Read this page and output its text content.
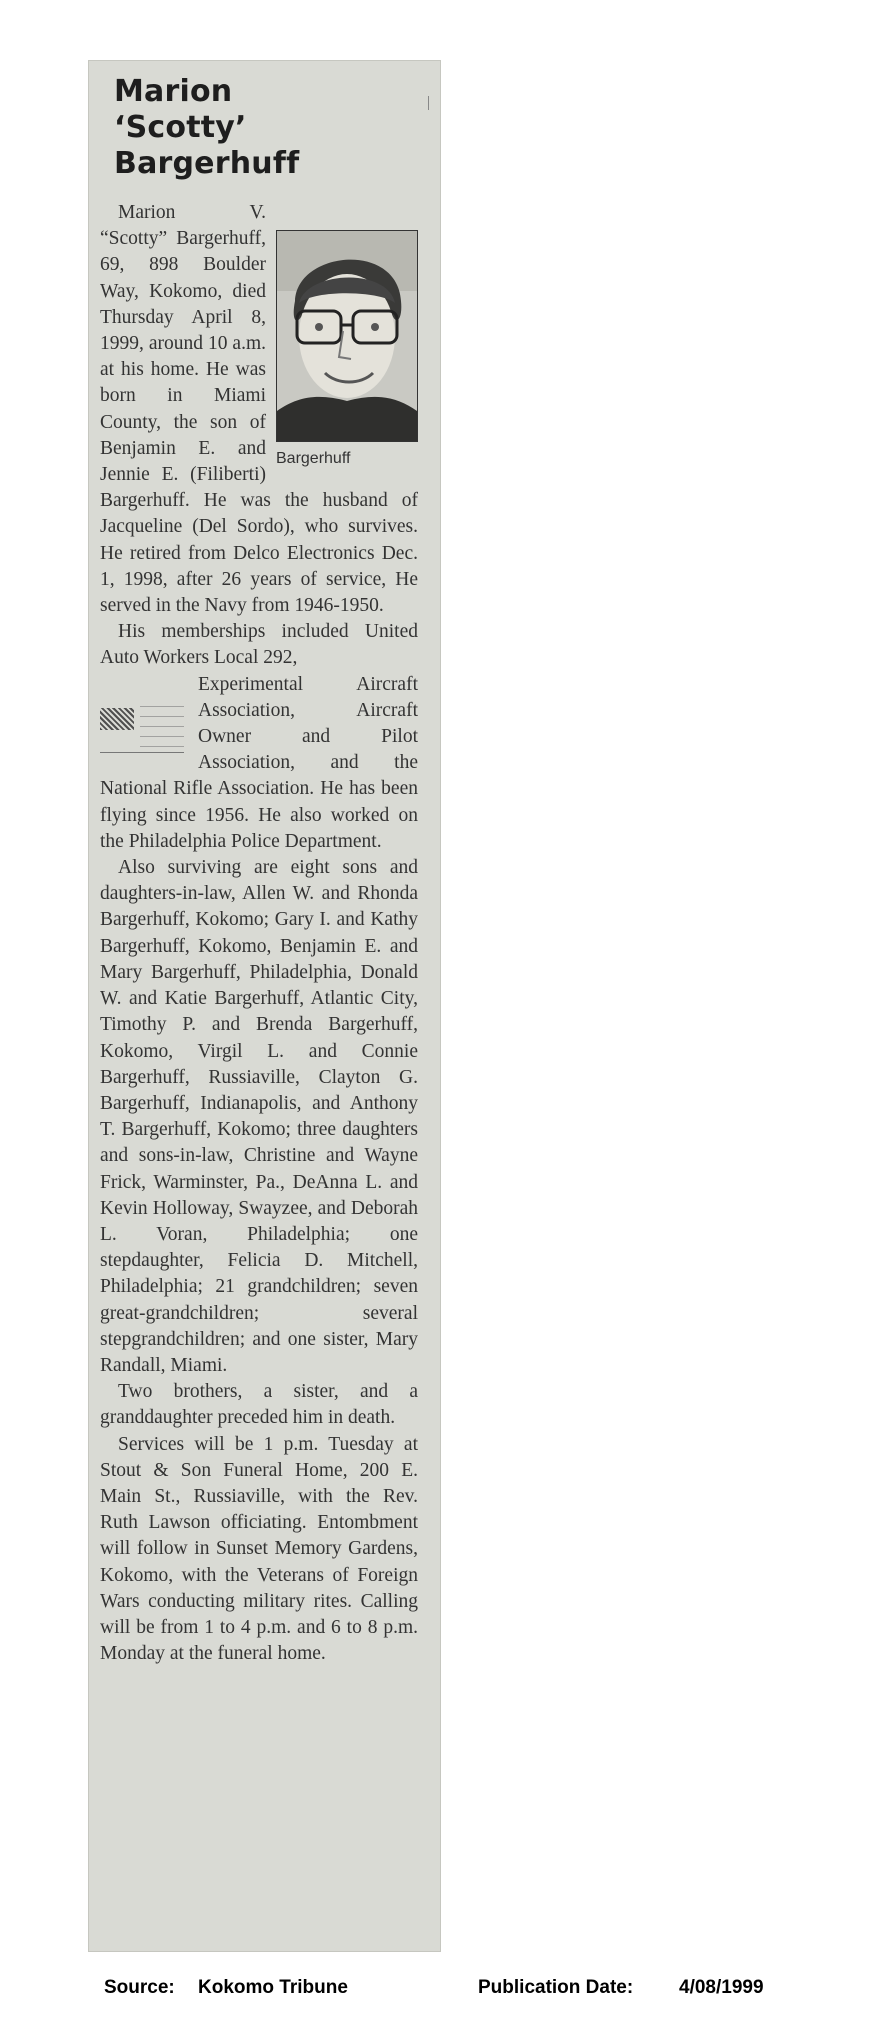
Marion
‘Scotty’
Bargerhuff
Bargerhuff

Marion V. “Scotty” Bargerhuff, 69, 898 Boulder Way, Kokomo, died Thursday April 8, 1999, around 10 a.m. at his home. He was born in Miami County, the son of Benjamin E. and Jennie E. (Filiberti) Bargerhuff. He was the husband of Jacqueline (Del Sordo), who survives. He retired from Delco Electronics Dec. 1, 1998, after 26 years of service, He served in the Navy from 1946-1950.

His memberships included United Auto Workers Local 292,

Experimental Aircraft Association, Aircraft Owner and Pilot Association, and the National Rifle Association. He has been flying since 1956. He also worked on the Philadelphia Police Department.

Also surviving are eight sons and daughters-in-law, Allen W. and Rhonda Bargerhuff, Kokomo; Gary I. and Kathy Bargerhuff, Kokomo, Benjamin E. and Mary Bargerhuff, Philadelphia, Donald W. and Katie Bargerhuff, Atlantic City, Timothy P. and Brenda Bargerhuff, Kokomo, Virgil L. and Connie Bargerhuff, Russiaville, Clayton G. Bargerhuff, Indianapolis, and Anthony T. Bargerhuff, Kokomo; three daughters and sons-in-law, Christine and Wayne Frick, Warminster, Pa., DeAnna L. and Kevin Holloway, Swayzee, and Deborah L. Voran, Philadelphia; one stepdaughter, Felicia D. Mitchell, Philadelphia; 21 grandchildren; seven great-grandchildren; several stepgrandchildren; and one sister, Mary Randall, Miami.

Two brothers, a sister, and a granddaughter preceded him in death.

Services will be 1 p.m. Tuesday at Stout & Son Funeral Home, 200 E. Main St., Russiaville, with the Rev. Ruth Lawson officiating. Entombment will follow in Sunset Memory Gardens, Kokomo, with the Veterans of Foreign Wars conducting military rites. Calling will be from 1 to 4 p.m. and 6 to 8 p.m. Monday at the funeral home.

Source: Kokomo Tribune	Publication Date: 4/08/1999
